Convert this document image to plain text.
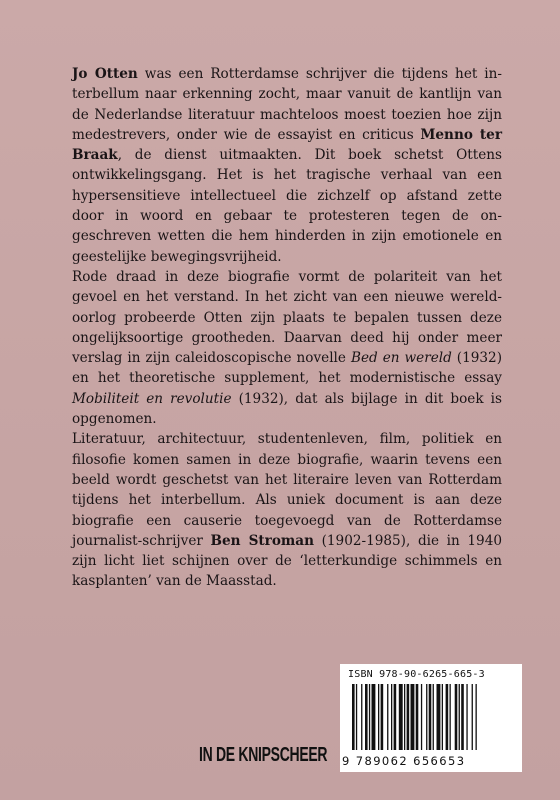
Jo Otten was een Rotterdamse schrijver die tijdens het interbellum naar erkenning zocht, maar vanuit de kantlijn van de Nederlandse literatuur machteloos moest toezien hoe zijn medestrevers, onder wie de essayist en criticus Menno ter Braak, de dienst uitmaakten. Dit boek schetst Ottens ontwikkelingsgang. Het is het tragische verhaal van een hypersensitieve intellectueel die zichzelf op afstand zette door in woord en gebaar te protesteren tegen de ongeschreven wetten die hem hinderden in zijn emotionele en geestelijke bewegingsvrijheid.

Rode draad in deze biografie vormt de polariteit van het gevoel en het verstand. In het zicht van een nieuwe wereldoorlog probeerde Otten zijn plaats te bepalen tussen deze ongelijksoortige grootheden. Daarvan deed hij onder meer verslag in zijn caleidoscopische novelle Bed en wereld (1932) en het theoretische supplement, het modernistische essay Mobiliteit en revolutie (1932), dat als bijlage in dit boek is opgenomen.

Literatuur, architectuur, studentenleven, film, politiek en filosofie komen samen in deze biografie, waarin tevens een beeld wordt geschetst van het literaire leven van Rotterdam tijdens het interbellum. Als uniek document is aan deze biografie een causerie toegevoegd van de Rotterdamse journalist-schrijver Ben Stroman (1902-1985), die in 1940 zijn licht liet schijnen over de ‘letterkundige schimmels en kasplanten’ van de Maasstad.

ISBN 978-90-6265-665-3
9 789062 656653
IN DE KNIPSCHEER
